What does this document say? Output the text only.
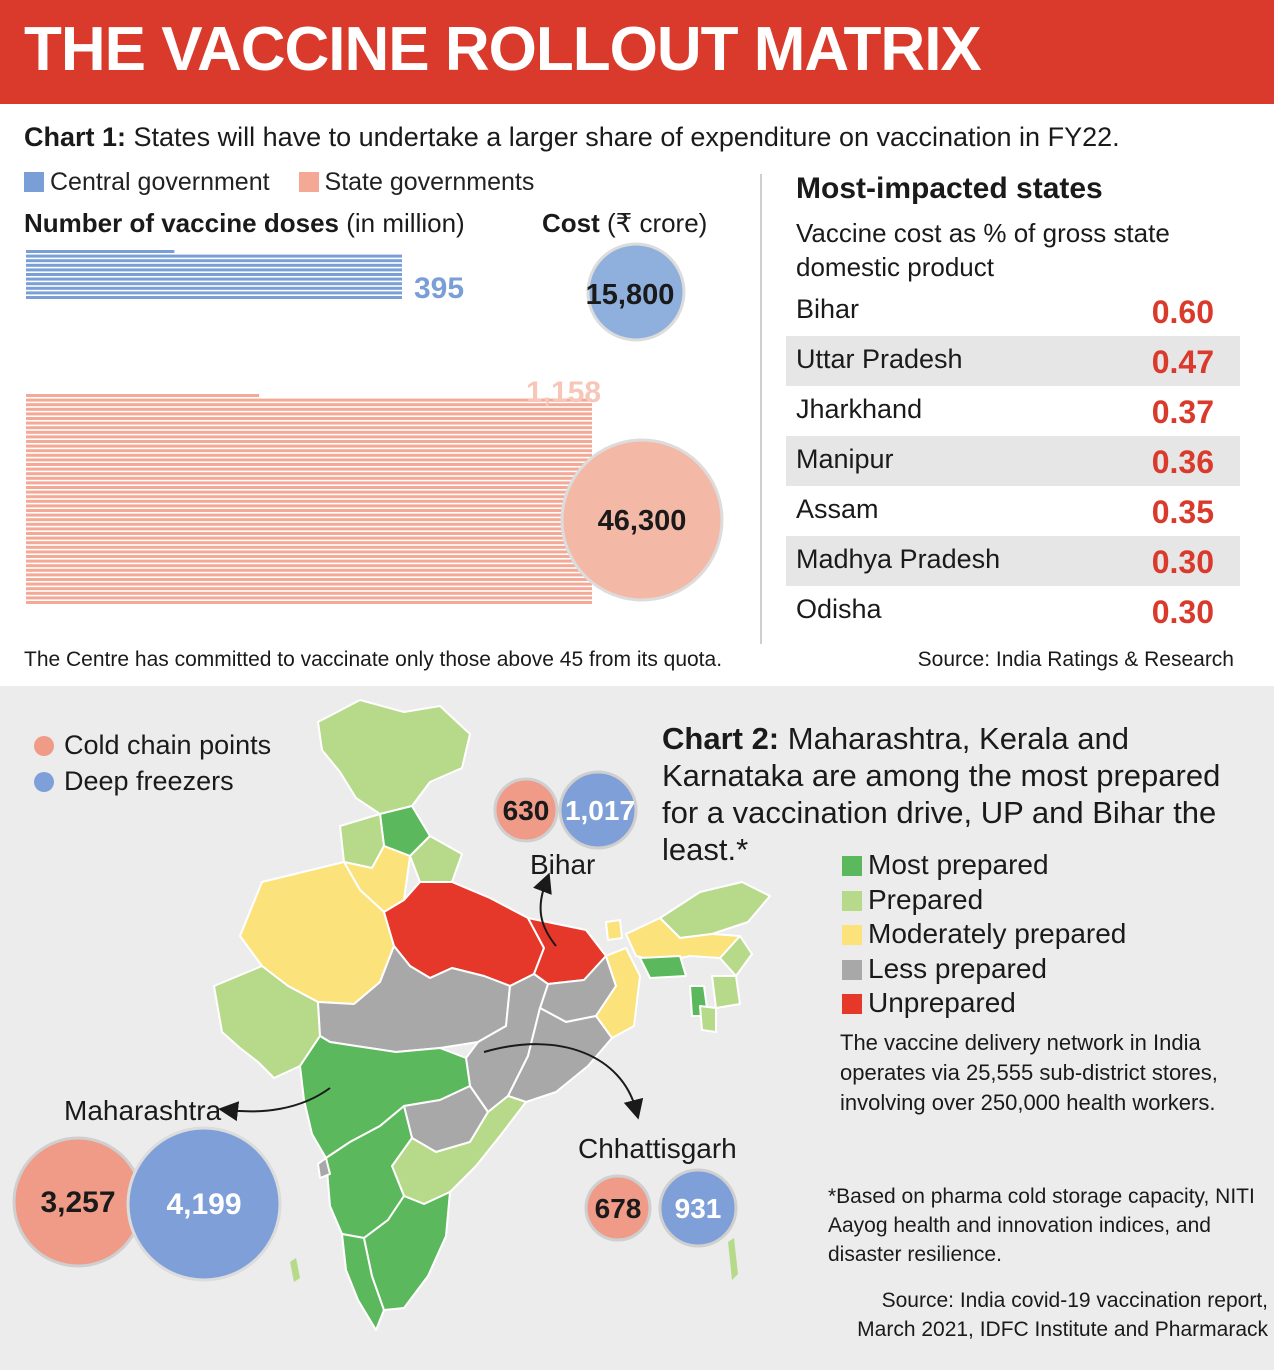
THE VACCINE ROLLOUT MATRIX
Chart 1: States will have to undertake a larger share of expenditure on vaccination in FY22.
Central government State governments
Number of vaccine doses (in million)	Cost (₹ crore)
395
1,158
15,800
46,300
Most-impacted states
Vaccine cost as % of gross state domestic product
Bihar	0.60
Uttar Pradesh	0.47
Jharkhand	0.37
Manipur	0.36
Assam	0.35
Madhya Pradesh	0.30
Odisha	0.30
The Centre has committed to vaccinate only those above 45 from its quota.	Source: India Ratings & Research
630 1,017
Bihar
Maharashtra
3,257 4,199
Chhattisgarh
678 931
Cold chain points
Deep freezers
Chart 2: Maharashtra, Kerala and Karnataka are among the most prepared for a vaccination drive, UP and Bihar the least.*	Most prepared
Prepared
Moderately prepared
Less prepared
Unprepared
The vaccine delivery network in India operates via 25,555 sub-district stores, involving over 250,000 health workers.
*Based on pharma cold storage capacity, NITI Aayog health and innovation indices, and disaster resilience.
Source: India covid-19 vaccination report, March 2021, IDFC Institute and Pharmarack
